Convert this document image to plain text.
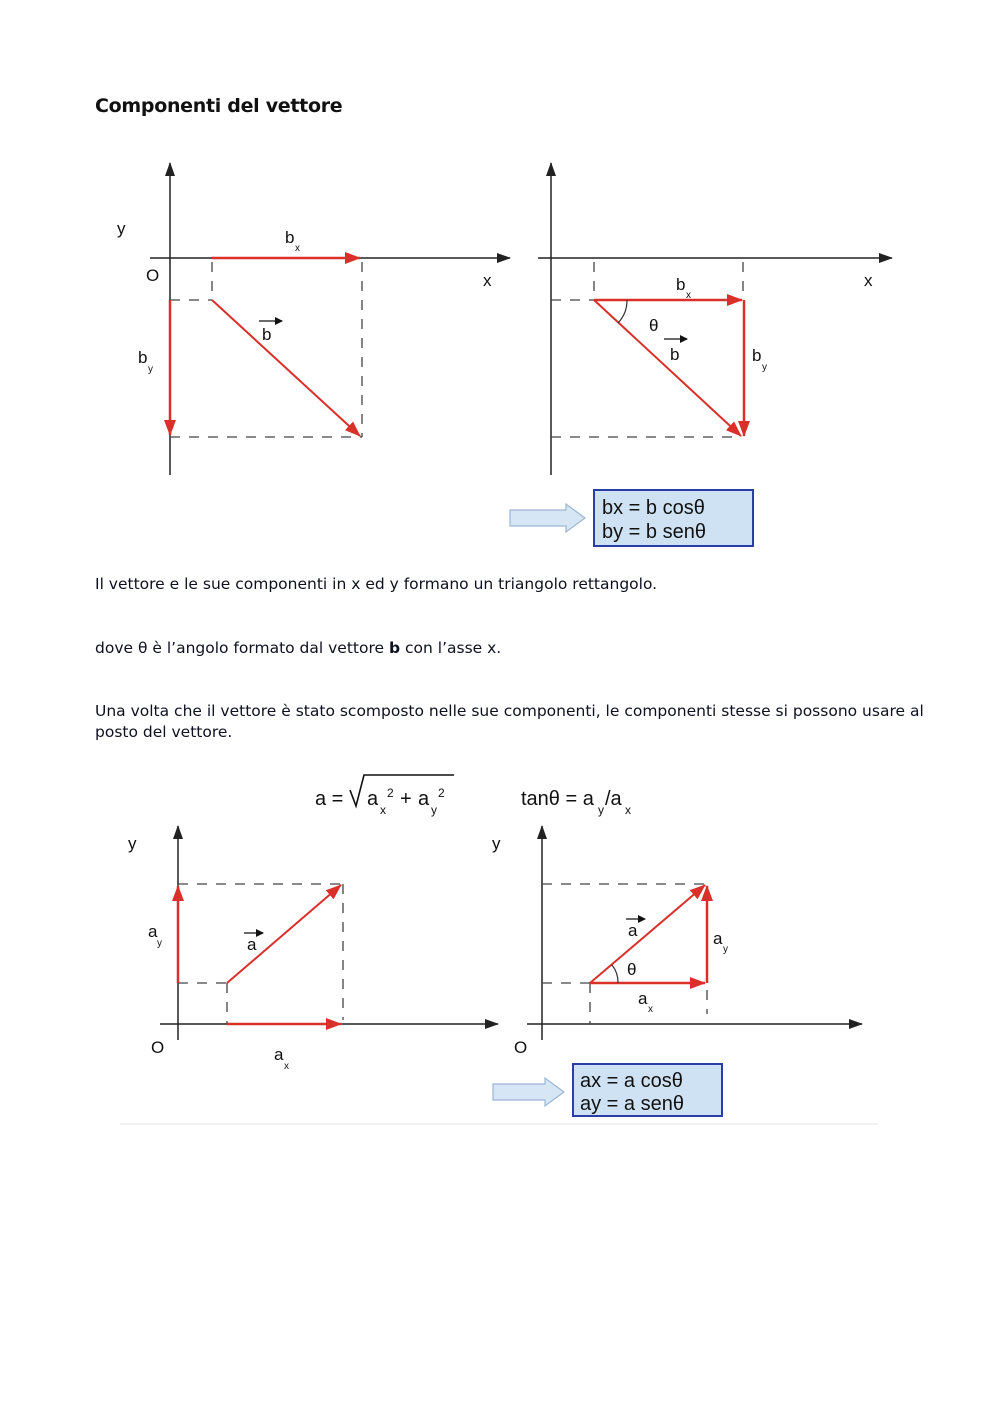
Componenti del vettore

Il vettore e le sue componenti in x ed y formano un triangolo rettangolo.

dove θ è l’angolo formato dal vettore b con l’asse x.

Una volta che il vettore è stato scomposto nelle sue componenti, le componenti stesse si possono usare al posto del vettore.

y
O	x
b
x
b
y
b
x
θ
b
x
b
y
b
bx = b cosθ
by = b senθ
a = a x
2 + a y
2	tanθ = a y /a x
y
O
a
y	a
a
x
y
O
θ
a	a
y
a
x
ax = a cosθ
ay = a senθ
